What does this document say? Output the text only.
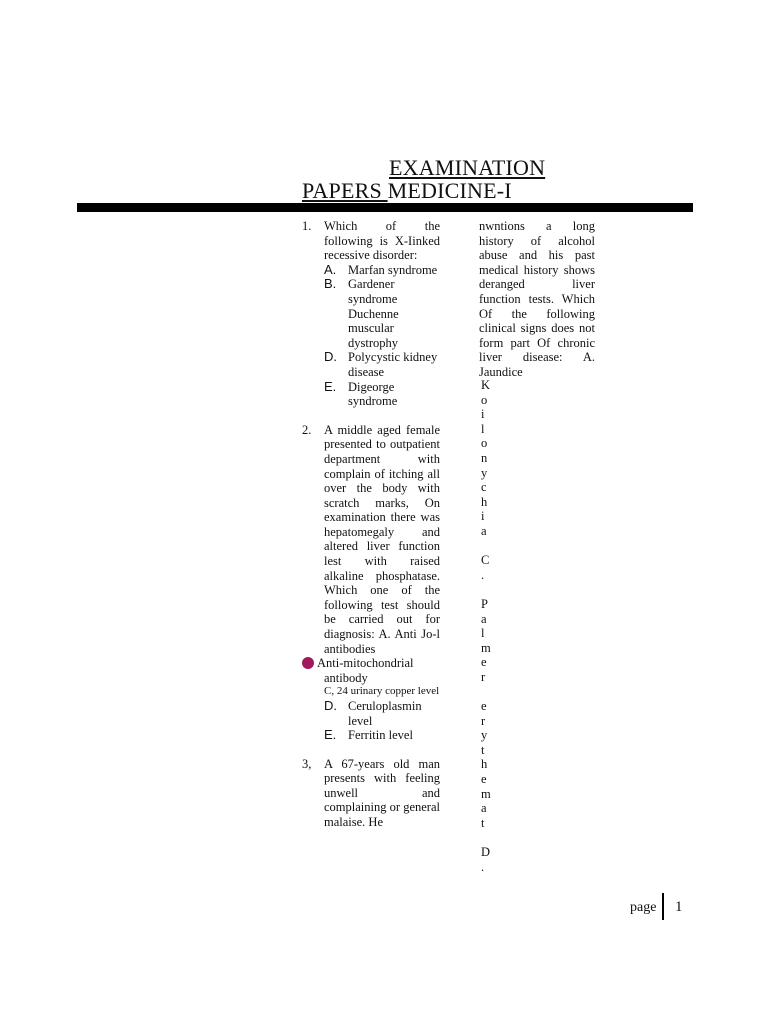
EXAMINATION
PAPERS MEDICINE-I
1. Which of the following is X-Iinked recessive disorder:
A. Marfan syndrome
B. Gardener syndrome Duchenne muscular dystrophy
D. Polycystic kidney disease
E. Digeorge syndrome
2. A middle aged female presented to outpatient department with complain of itching all over the body with scratch marks, On examination there was hepatomegaly and altered liver function lest with raised alkaline phosphatase. Which one of the following test should be carried out for diagnosis: A. Anti Jo-l antibodies
Anti-mitochondrial antibody
C, 24 urinary copper level
D. Ceruloplasmin level
E. Ferritin level
3, A 67-years old man presents with feeling unwell and complaining or general malaise. He
nwntions a long history of alcohol abuse and his past medical history shows deranged liver function tests. Which Of the following clinical signs does not form part Of chronic liver disease: A. Jaundice
K
o
i
l
o
n
y
c
h
i
a
C
.
P
a
l
m
e
r
e
r
y
t
h
e
m
a
t
D
.
page 1
